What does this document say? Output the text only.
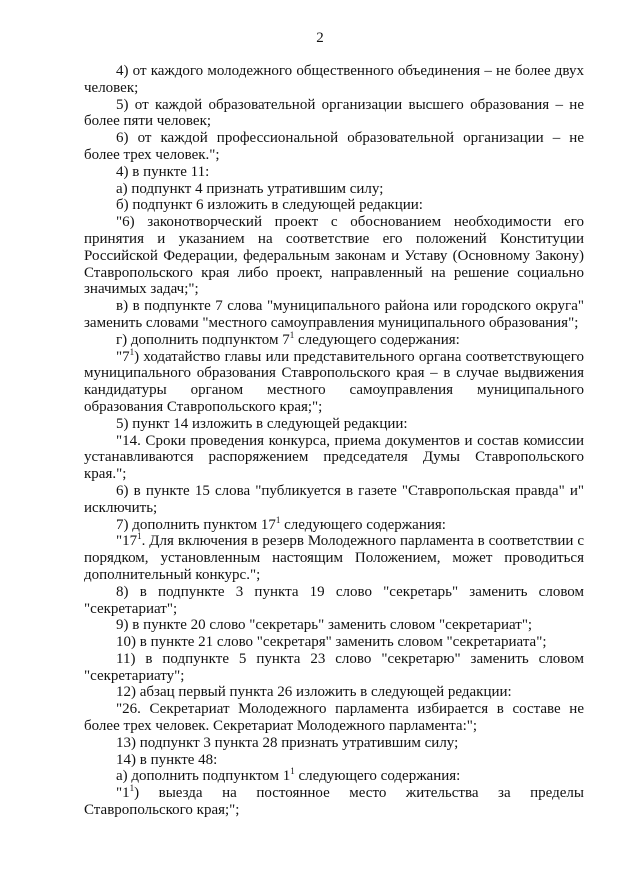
2

4) от каждого молодежного общественного объединения – не более двух человек;

5) от каждой образовательной организации высшего образования – не более пяти человек;

6) от каждой профессиональной образовательной организации – не более трех человек.";

4) в пункте 11:

а) подпункт 4 признать утратившим силу;

б) подпункт 6 изложить в следующей редакции:

"6) законотворческий проект с обоснованием необходимости его принятия и указанием на соответствие его положений Конституции Российской Федерации, федеральным законам и Уставу (Основному Закону) Ставропольского края либо проект, направленный на решение социально значимых задач;";

в) в подпункте 7 слова "муниципального района или городского округа" заменить словами "местного самоуправления муниципального образования";

г) дополнить подпунктом $7^1$ следующего содержания:

"$7^1$) ходатайство главы или представительного органа соответствующего муниципального образования Ставропольского края – в случае выдвижения кандидатуры органом местного самоуправления муниципального образования Ставропольского края;";

5) пункт 14 изложить в следующей редакции:

"14. Сроки проведения конкурса, приема документов и состав комиссии устанавливаются распоряжением председателя Думы Ставропольского края.";

6) в пункте 15 слова "публикуется в газете "Ставропольская правда" и" исключить;

7) дополнить пунктом $17^1$ следующего содержания:

"$17^1$. Для включения в резерв Молодежного парламента в соответствии с порядком, установленным настоящим Положением, может проводиться дополнительный конкурс.";

8) в подпункте 3 пункта 19 слово "секретарь" заменить словом "секретариат";

9) в пункте 20 слово "секретарь" заменить словом "секретариат";

10) в пункте 21 слово "секретаря" заменить словом "секретариата";

11) в подпункте 5 пункта 23 слово "секретарю" заменить словом "секретариату";

12) абзац первый пункта 26 изложить в следующей редакции:

"26. Секретариат Молодежного парламента избирается в составе не более трех человек. Секретариат Молодежного парламента:";

13) подпункт 3 пункта 28 признать утратившим силу;

14) в пункте 48:

а) дополнить подпунктом $1^1$ следующего содержания:

"$1^1$) выезда на постоянное место жительства за пределы Ставропольского края;";
